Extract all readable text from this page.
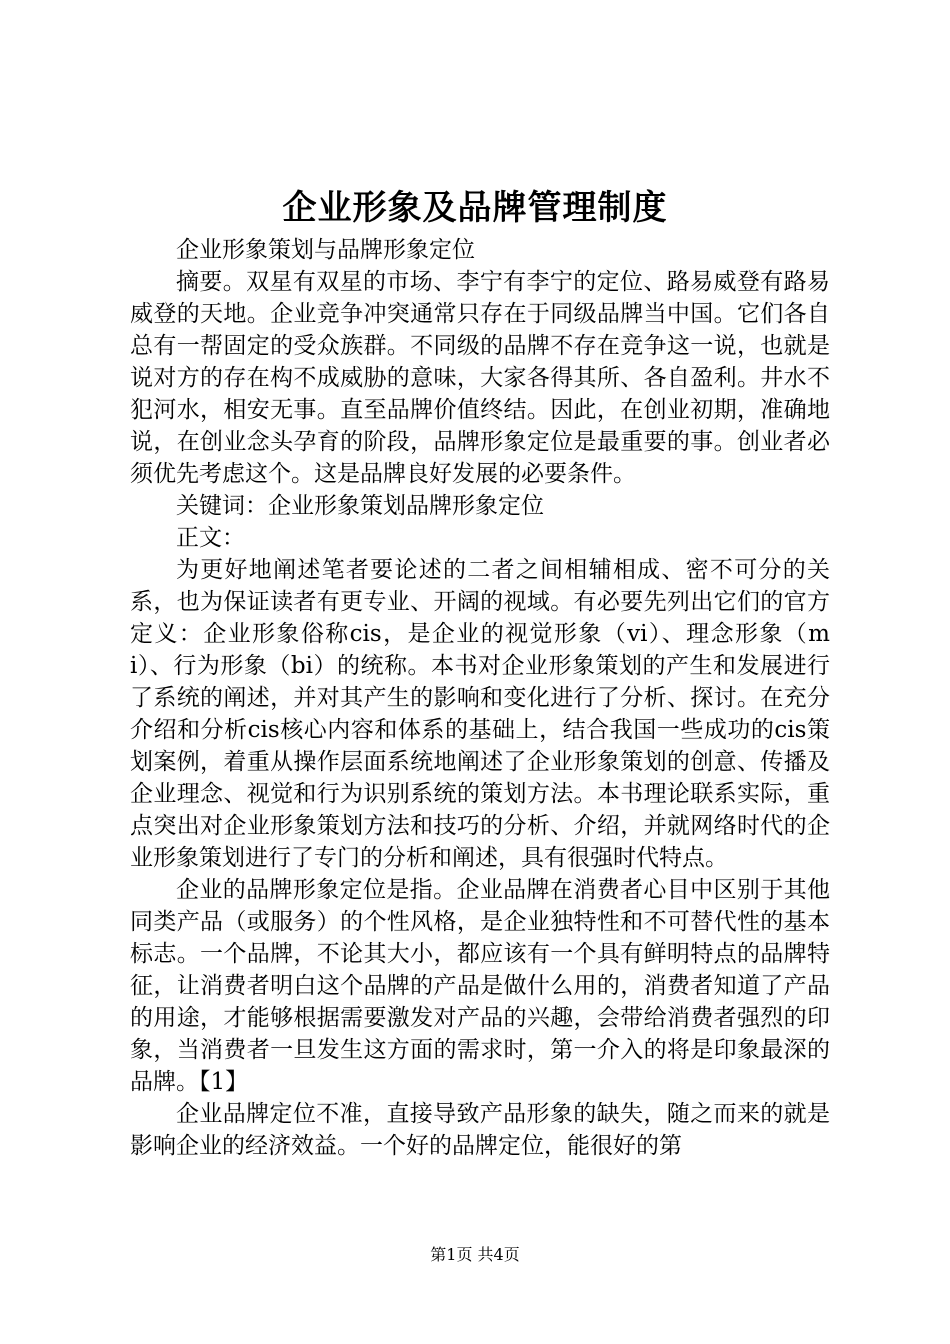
企业形象及品牌管理制度

企业形象策划与品牌形象定位

摘要。双星有双星的市场、李宁有李宁的定位、路易威登有路易威登的天地。企业竞争冲突通常只存在于同级品牌当中国。它们各自总有一帮固定的受众族群。不同级的品牌不存在竞争这一说，也就是说对方的存在构不成威胁的意味，大家各得其所、各自盈利。井水不犯河水，相安无事。直至品牌价值终结。因此，在创业初期，准确地说，在创业念头孕育的阶段，品牌形象定位是最重要的事。创业者必须优先考虑这个。这是品牌良好发展的必要条件。

关键词：企业形象策划品牌形象定位

正文：

为更好地阐述笔者要论述的二者之间相辅相成、密不可分的关系，也为保证读者有更专业、开阔的视域。有必要先列出它们的官方定义：企业形象俗称cis，是企业的视觉形象（vi）、理念形象（mi）、行为形象（bi）的统称。本书对企业形象策划的产生和发展进行了系统的阐述，并对其产生的影响和变化进行了分析、探讨。在充分介绍和分析cis核心内容和体系的基础上，结合我国一些成功的cis策划案例，着重从操作层面系统地阐述了企业形象策划的创意、传播及企业理念、视觉和行为识别系统的策划方法。本书理论联系实际，重点突出对企业形象策划方法和技巧的分析、介绍，并就网络时代的企业形象策划进行了专门的分析和阐述，具有很强时代特点。

企业的品牌形象定位是指。企业品牌在消费者心目中区别于其他同类产品（或服务）的个性风格，是企业独特性和不可替代性的基本标志。一个品牌，不论其大小，都应该有一个具有鲜明特点的品牌特征，让消费者明白这个品牌的产品是做什么用的，消费者知道了产品的用途，才能够根据需要激发对产品的兴趣，会带给消费者强烈的印象，当消费者一旦发生这方面的需求时，第一介入的将是印象最深的品牌。【1】

企业品牌定位不准，直接导致产品形象的缺失，随之而来的就是影响企业的经济效益。一个好的品牌定位，能很好的第

第1页 共4页
